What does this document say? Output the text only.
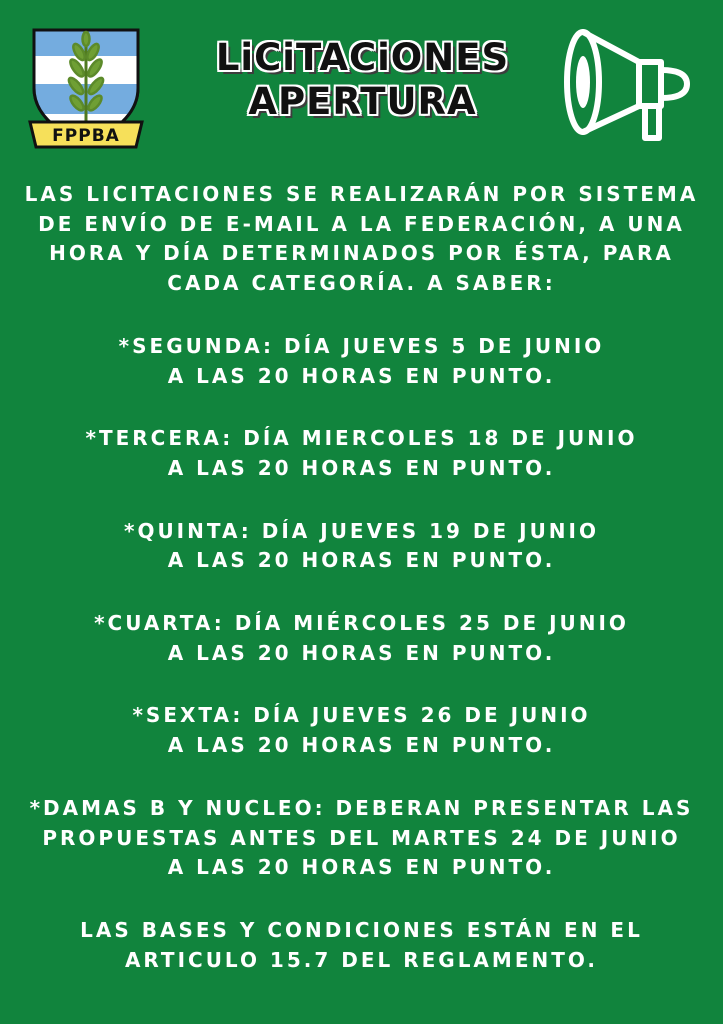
FPPBA
LiCiTACiONES
APERTURA

LAS LICITACIONES SE REALIZARÁN POR SISTEMA
DE ENVÍO DE E-MAIL A LA FEDERACIÓN, A UNA
HORA Y DÍA DETERMINADOS POR ÉSTA, PARA
CADA CATEGORÍA. A SABER:

*SEGUNDA: DÍA JUEVES 5 DE JUNIO
A LAS 20 HORAS EN PUNTO.

*TERCERA: DÍA MIERCOLES 18 DE JUNIO
A LAS 20 HORAS EN PUNTO.

*QUINTA: DÍA JUEVES 19 DE JUNIO
A LAS 20 HORAS EN PUNTO.

*CUARTA: DÍA MIÉRCOLES 25 DE JUNIO
A LAS 20 HORAS EN PUNTO.

*SEXTA: DÍA JUEVES 26 DE JUNIO
A LAS 20 HORAS EN PUNTO.

*DAMAS B Y NUCLEO: DEBERAN PRESENTAR LAS
PROPUESTAS ANTES DEL MARTES 24 DE JUNIO
A LAS 20 HORAS EN PUNTO.

LAS BASES Y CONDICIONES ESTÁN EN EL
ARTICULO 15.7 DEL REGLAMENTO.
